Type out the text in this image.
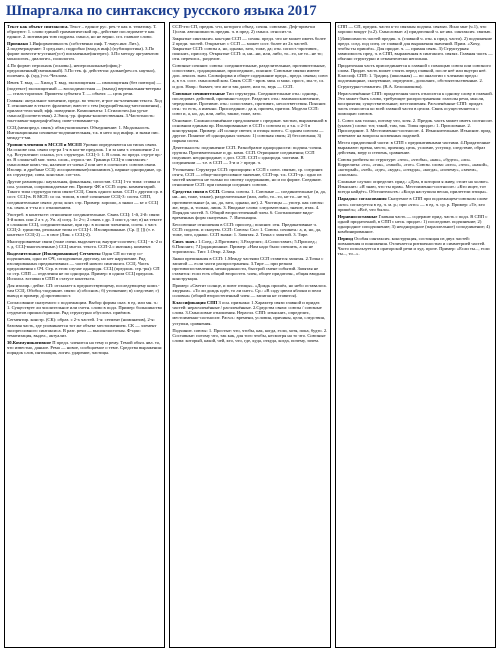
Шпаргалка по синтаксису русского языка 2017
Текст как объект синтаксиса. Текст – единое рус. реч.-е как п. тематику. Т. образуют: 1. слово единой грамматической пр., действие последовате-е как единое. 2. мотивация тою подразн. смысл, но не верно. сгл. главное слово.
Признаки 1.Информативность (собственно инф. Т.-внуч.инт. Лит.), 2.подтверждение: 3 сред.инт.; подробно (вход.в инф.) (публицистика). 3.По форме повести-в-устные(уст) письменные(интерес). 3.По методу аргументов: монологич., диалогич., полилогич.
4.По форме: персональ (основн.), неперсональные(офиц.)-предложенный(смешанный). 5.По тек. ф. действ-ия: дальне(реч.сч. научно), полемич. ф. (худ.)-сч.-Чехлова.
Ивчек Т. выд. — Хильд Т. выд. эксплицитная — имплицитная (без повтора) — (подтекст) эксплицитный — восходимостная — (выход) вертикальная-ветеран — стиль-горизонт. Приметы субъекта Т. — объект. — цель речи.
Главная: актуальное членение, предл. во тексте, и-рое он-членении текста. Ход Т. отношение в тексте: фрагмент; вместе с тем (ведущий-вклад-местоимения) , прилага-тель-ный; эфф. поведение. Компоненты: 1.Стилистич.(на ур-не смысла)(соответствия). 2.Эмоц.-ур. формы-количественная. 3.Частотность: тон-главно-параграф-абзац; пове-ствование-ср.
ССЦ.(межпредл. связь): абзац-компонент. Объединение: 1. Модальность. Интонационная сочинено-подчинительная, т.к. в него ход инфор. и знаки пис. между-т-ми.
Уровни членения в МССП и МСЕП Уровни определяются на типах связи. На основе син. связи стр-ра 1-я в кол-ве предлож. 1 и за ним т. отношение 2 и т.д. Вступление: ссылка, уст. структура. ССЦ-1: 1. В слож. вс предл. стр-ре пр.-вз. В сложн-ый мат. член. слож., отрасл.-ие. Граница ССЦ-п синтаксич.-смысловые комп.-ты, наличие от члена 2 или нет в соотносит. союзов связи. Изолир. и дробные ССЦ: ассоциативные(синонимич.), парные однородные, ср. их структура; совм. констант. сот-тах.
Другие разновидн.: каузальная, финальная, сопостав. ССЦ 1-го типа: ставка и сон. усилени, сопровождаемые ею. Пример: ФЕ в ССП: оцен. комментарий. Такого типа структура типа связи-ССЦ. Связь одного комп. ССП с другим ср. в сост. ССЦ-в. В МСП: со сн. типом, в своё сочинение ССЦ-3: соотн. СПП, соединительные связи: дела; конт. стр. Пример: хорошо, а знаки — кт о ССЦ т.к. связь и т-ты и с отношением.
Употреб. в контексте: отношение соединительные. Связь ССЦ: 1-й, 2-й: связи 3-й комп. или 2 а т. д. Уп. а) соед. 1с 2-с; 2 связь с др. 3 или т.д.-же; в) на тексте в сложном ССЦ, соединительные, при пр.: в полном членении, соотн. с част. ССЦ-2: единства, реальные типы от ССЦ-1. Изолированные. (Ср. [[ ]]) (т. е. контекст ССЦ-2) — в свое (Лин. с ССЦ-2).
Многоуровневые связи (тоже очень выделяется; внутри-ссоответ.; ССЦ - в.-2 и т. д. ССЦ-многочленные.) ССЦ мнгчл. текста. ССП-2.с интонац. коммент.
Выделительные (Изолированные) Сегменты Один СП по типу со-подчинения, одно из ОЧ, соподчинено другому, но нет нарушение. Ряд изолированных предикативных — частей нового синтаксич. ССЦ. Часть предложения с ОЧ. Стр. в этом случае однородн. ССЦ (предлож. стр.-ры): СП со стр. СПП — отделения не по однородн. Пример: в одном ССЦ предлож. Использ. вставки в СПП в статусе контекста.
Для изолир.: дейкт. СП: отсылает к предшествующему, последующему комп.-там ССЦ. Обобщ.-подчинит. связи: а) обоснов.; б) уточнение; в) следствие; г) вывод и пример; д) противопост.
Согласование сказуемого с подлежащим. Выбор формы сказ. в ед. или мн. ч.: 1. Существует ли числительное или счетн. слово в подл. Пример: большинство студентов пришло/пришли. Ряд структурно обусловл. приёмов.
Сегментир. констр. (СК): образ. с 2-х частей. 1-я: сегмент (номинатив), 2-я: базовая часть, где упоминается тот же объект местоимением. СК — элемент экспрессивного синтаксиса. В разг. речи — высокочастотны. Ф-ции: тематизация, выдел., актуализ.
30.Коммуникативное П предл. членится на тему и рему. Темой обыч. явл. то, что известно, данное. Рема — новое, сообщаемое о теме. Средства выражения: порядок слов, интонация, логич. ударение, частицы.
ССП-это СП, предик. ч-и, которого объед. сочин. союзами. Деф-прим-ки 1)сочи. автономность предик. ч. в пред. 2) смысл. относит.-и.
Закрытые синтаксич. кон-ции ССП — сочин. предл. что не может иметь более 2 преди. частей. Открытые: с ССП — может сост. более из 2х частей. Закрытые ССП: союзы а, но, однако, зато, тоже, да; отн. сопост.-противит., пояснит., присоед. Открытые ССП: и, ни...ни, или, либо, то...то, не то...не то; отн. перечисл., разделит.
Союзные сочинит. союзы: соединительные, разделительные, противительные, сопоставит., градационные, присоединит., пояснит. Союзные связки имеют доп. лексич. знач. Словоформа и общее содержание предл., предл. связка; союз а, в т.ч. сост. смысловой ком. Связь ССП - пров. мин. и макс. прост., мн.-е, сл. и доп. Напр.: бывает, что же и так далее, или то, ведь — ССП.
Союзные сочинительные Тип структуры. Соединительные отн.: одновр., последоват. действий, причинно-следст. Разделит. отн.: взаимоисключение, чередование. Противит. отн.: сопоставит., противит., несоответствия. Пояснит. отн.: то есть, а именно. Присоединит.: да и, причем, притом. Модели ССП: союз и, а, но, да, или, либо, также, тоже, зато.
Основное. Сложносочинённое предложение с предикат. частью, выраженной в основном единым пр. Изолированные: в ССП с союзом и; а т.к. с 2-3 в конструкции. Пример: «И солнце светит, и птицы поют». С одним союзом — другие. Понятие об однородных членах: 1) союзная связь; 2) бессоюзная; 3) парная соотн.
Деятельность: подчинение ССП. Разнобразие однородности: подчин.-сочин. группы. Противительные и др. комп. ССП. Отрицание соединения; ССП подчинит. неоднородные; с доп. ССП. ССП с однородн. частями. В соединении — т.е. в ССП — 3-и и > преди. ч.
Уточнения: Структура ССП: пропорция: в ССП с союз. связью, ср. соединит. отн-я, ССП — обще-экспрессивное значение, ССП-пр. т.к. ССП-ср.: одно из частей является не только по своему содержанию, но и по форме. Соединит. отношение ССП: при помощи соединит. союзов.
Средства связи в ССП. Сочин. союзы. 1. Союзные — соединительные (и, да, ни...ни, тоже, также), разделительные (или, либо, то...то, не то...не то), противительные (а, но, да, зато, однако, же). 2. Частицы — употр. как союзы: же, ведь, и, только, лишь. 3. Вводные слова: следовательно, значит, итак. 4. Порядок частей. 5. Общий второстепенный член. 6. Соотношение видо-временных форм сказуемых. 7. Интонация.
Бессоюзные отношения в ССП: присоед.; пояснит. отн. Предикативные ч. ССП: подлеж. и сказуем. ССП: Союзы: Сол: 1. Союзн. сочинен.: а, и, но, да, тоже, зато, однако. ССП знаки: 1. Запятая. 2. Точка с запятой. 3. Тире.
Синт. знач.: 1.Соед.; 2.Противит.; 3.Разделит.; 4.Сопоставит.; 5.Присоед.; 6.Пояснит.; 7.Градационные. Пример: «Нам надо было спешить, а он не торопился». Тип: 1.Откр. 2.Закр.
Знаки препинания в ССП: 1.Между частями ССП ставится запятая. 2.Точка с запятой — если части распространены. 3.Тире — при резком противопоставлении, неожиданности, быстрой смене событий. Запятая не ставится: если есть общий второстеп. член, общее придаточн., общая вводная конструкция.
Пример: «Светит солнце, и поют птицы». «Дождь прошёл, но небо оставалось хмурым». «То ли дождь идёт, то ли снег». Ср.: «В саду цвели яблони и пели соловьи» (общий второстепенный член — запятая не ставится).
Классификация СПП 3 осн. признака: 1.Характер связи главной и придат. частей: нерасчленённые / расчленённые. 2.Средства связи: союзы / союзные слова. 3.Смысловые отношения. Нерасчл. СПП: изъяснит., определит., местоименно-соотносит. Расчл.: времени, условия, причины, цели, следствия, уступки, сравнения.
Подчинит. союзы: 1. Простые: что, чтобы, как, когда, если, хотя, пока, будто. 2. Составные: потому что, так как, для того чтобы, несмотря на то что. Союзные слова: который, какой, чей, кто, что, где, куда, откуда, когда, почему, зачем.
СПП — СП, предик. части к-го связаны подчин. связью. Ясно мне (ч.1), что хорошо вокруг (ч.2). Смысловые: а) придаточной ч. не явл. синтаксич. связью.
1)Зависимость частей предик. ч. (главной ч. отн. к прид. части). 2) подчинение предл. созд. под спец. от главной для выражения значений. Прим. «Хочу, чтобы ты пришёл». Для придат. ч. — прямая связь. 3) Структурная зависимость пред. ч. в СПП, выраженная в синтаксич. связях. Главная часть — обычно структурно и семантически неполная.
Придаточная часть присоединяется к главной с помощью союза или союзного слова. Придат. часть может стоять перед главной, после неё или внутри неё. Классиф. СПП: 1. Традиц. (школьная) — по аналогии с членами предл.: подлежащные, сказуемные, определит., дополнит., обстоятельственные. 2. Структурно-семантич. (В.А. Белошапкова).
Нерасчленённые СПП: придаточная часть относится к одному слову в главной. Это может быть слово, требующее распространения: глаголы речи, мысли, восприятия; существительные; местоимения. Расчленённые СПП: придат. часть относится ко всей главной части в целом. Связь осуществляется с помощью союзов.
1. Союз: как только, потому что, хотя. 2. Предик. часть может иметь соотносит. (указат.) слово: тот, такой, там, так. Типы придат.: 1. Присловные. 2. Присоединит. 3. Местоименно-соотносит. 4. Изъяснительные. Изъяснит. прид. отвечают на вопросы косвенных падежей.
Места придаточной части: в СПП с предикативными частями. 4.Придаточные выражают: время, место, причину, цель, условие, уступку, следствие, образ действия, меру и степень, сравнение.
Союзы разбиты по структуре: «что», «чтобы», «как», «будто», «ли». Корреляты: «то», «так», «такой», «тот». Союзн. слова: «кто», «что», «какой», «который», «чей», «где», «куда», «откуда», «когда», «почему», «зачем», «сколько».
Сложные случаи: определит. прид.: «Дом, в котором я живу, стоит на холме». Изъяснит.: «Я знаю, что ты прав». Местоименно-соотносит.: «Кто ищет, тот всегда найдёт». Обстоятельств.: «Когда наступила весна, прилетели птицы».
Парадокс согласования Сказуемое в СПП при подлежащем-союзном слове «кто» согласуется в ед. ч. м. р.; при «что» — в ед. ч. ср. р. Пример: «Те, кто пришёл»; «Всё, что было».
Неравносоставные Главная часть — содержит прид. часть с подл. В СПП с одной придаточной, в СПП с неск. придат.: 1) последоват. подчинение; 2) однородное соподчинение; 3) неоднородное (параллельное) соподчинение; 4) комбинированное.
Период Особая синтаксич. конструкция, состоящая из двух частей: повышения и понижения. Отличается ритмичностью и симметрией частей. Часто используется в ораторской речи и худ. прозе. Пример: «Если ты..., если ты..., то...».
